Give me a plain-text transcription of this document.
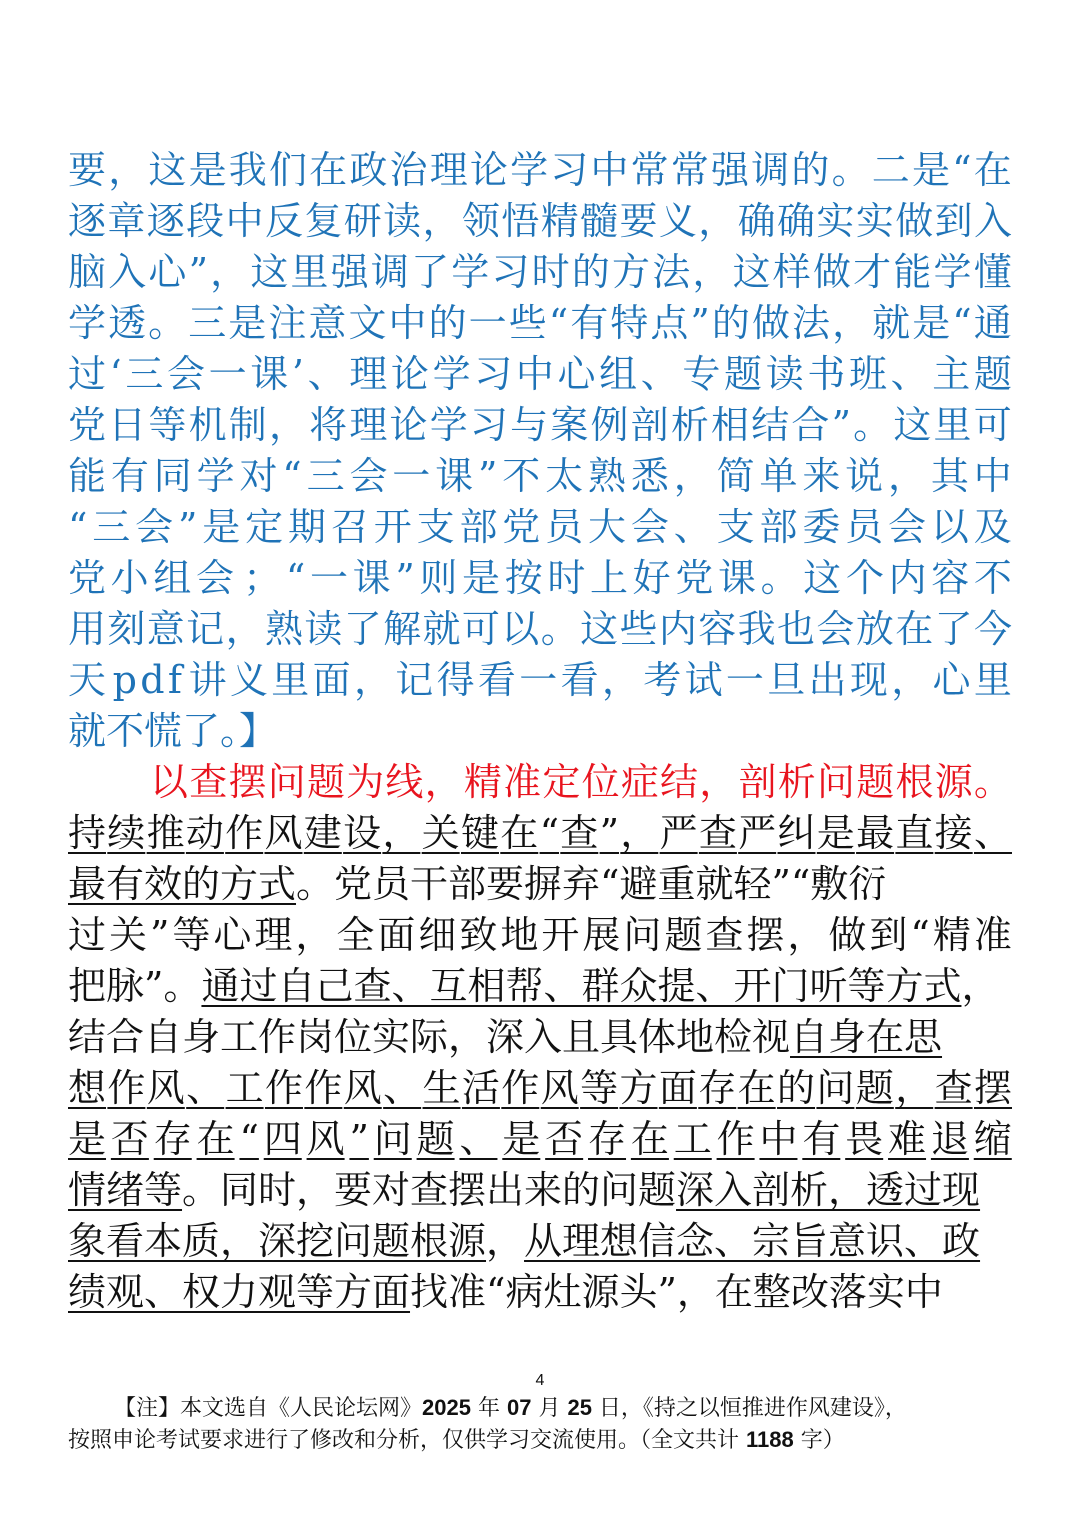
要 ， 这 是 我 们 在 政 治 理 论 学 习 中 常 常 强 调 的 。 二 是 “ 在
逐 章 逐 段 中 反 复 研 读 ， 领 悟 精 髓 要 义 ， 确 确 实 实 做 到 入
脑 入 心 ” ， 这 里 强 调 了 学 习 时 的 方 法 ， 这 样 做 才 能 学 懂
学 透 。 三 是 注 意 文 中 的 一 些 “ 有 特 点 ” 的 做 法 ， 就 是 “ 通
过 ‘ 三 会 一 课 ’ 、 理 论 学 习 中 心 组 、 专 题 读 书 班 、 主 题
党 日 等 机 制 ， 将 理 论 学 习 与 案 例 剖 析 相 结 合 ” 。 这 里 可
能 有 同 学 对 “ 三 会 一 课 ” 不 太 熟 悉 ， 简 单 来 说 ， 其 中
“ 三 会 ” 是 定 期 召 开 支 部 党 员 大 会 、 支 部 委 员 会 以 及
党 小 组 会 ； “ 一 课 ” 则 是 按 时 上 好 党 课 。 这 个 内 容 不
用 刻 意 记 ， 熟 读 了 解 就 可 以 。 这 些 内 容 我 也 会 放 在 了 今
天 p d f 讲 义 里 面 ， 记 得 看 一 看 ， 考 试 一 旦 出 现 ， 心 里
就不慌了。】
以 查 摆 问 题 为 线 ， 精 准 定 位 症 结 ， 剖 析 问 题 根 源 。
持 续 推 动 作 风 建 设 ， 关 键 在 “ 查 ” ， 严 查 严 纠 是 最 直 接 、
最有效的方式 。党员干部要摒弃“避重就轻”“敷衍
过 关 ” 等 心 理 ， 全 面 细 致 地 开 展 问 题 查 摆 ， 做 到 “ 精 准
把脉”。 通过自己查、互相帮、群众提、开门听等方式 ，
结合自身工作岗位实际，深入且具体地检视 自身在思
想 作 风 、 工 作 作 风 、 生 活 作 风 等 方 面 存 在 的 问 题 ， 查 摆
是 否 存 在 “ 四 风 ” 问 题 、 是 否 存 在 工 作 中 有 畏 难 退 缩
情绪等 。同时，要对查摆出来的问题 深入剖析，透过现
象看本质，深挖问题根源 ， 从理想信念、宗旨意识、政
绩观、权力观等方面 找准“病灶源头”，在整改落实中
4
【注】本文选自《人民论坛网》2025 年 07 月 25 日，《持之以恒推进作风建设》，
按照申论考试要求进行了修改和分析，仅供学习交流使用。（全文共计 1188 字）
